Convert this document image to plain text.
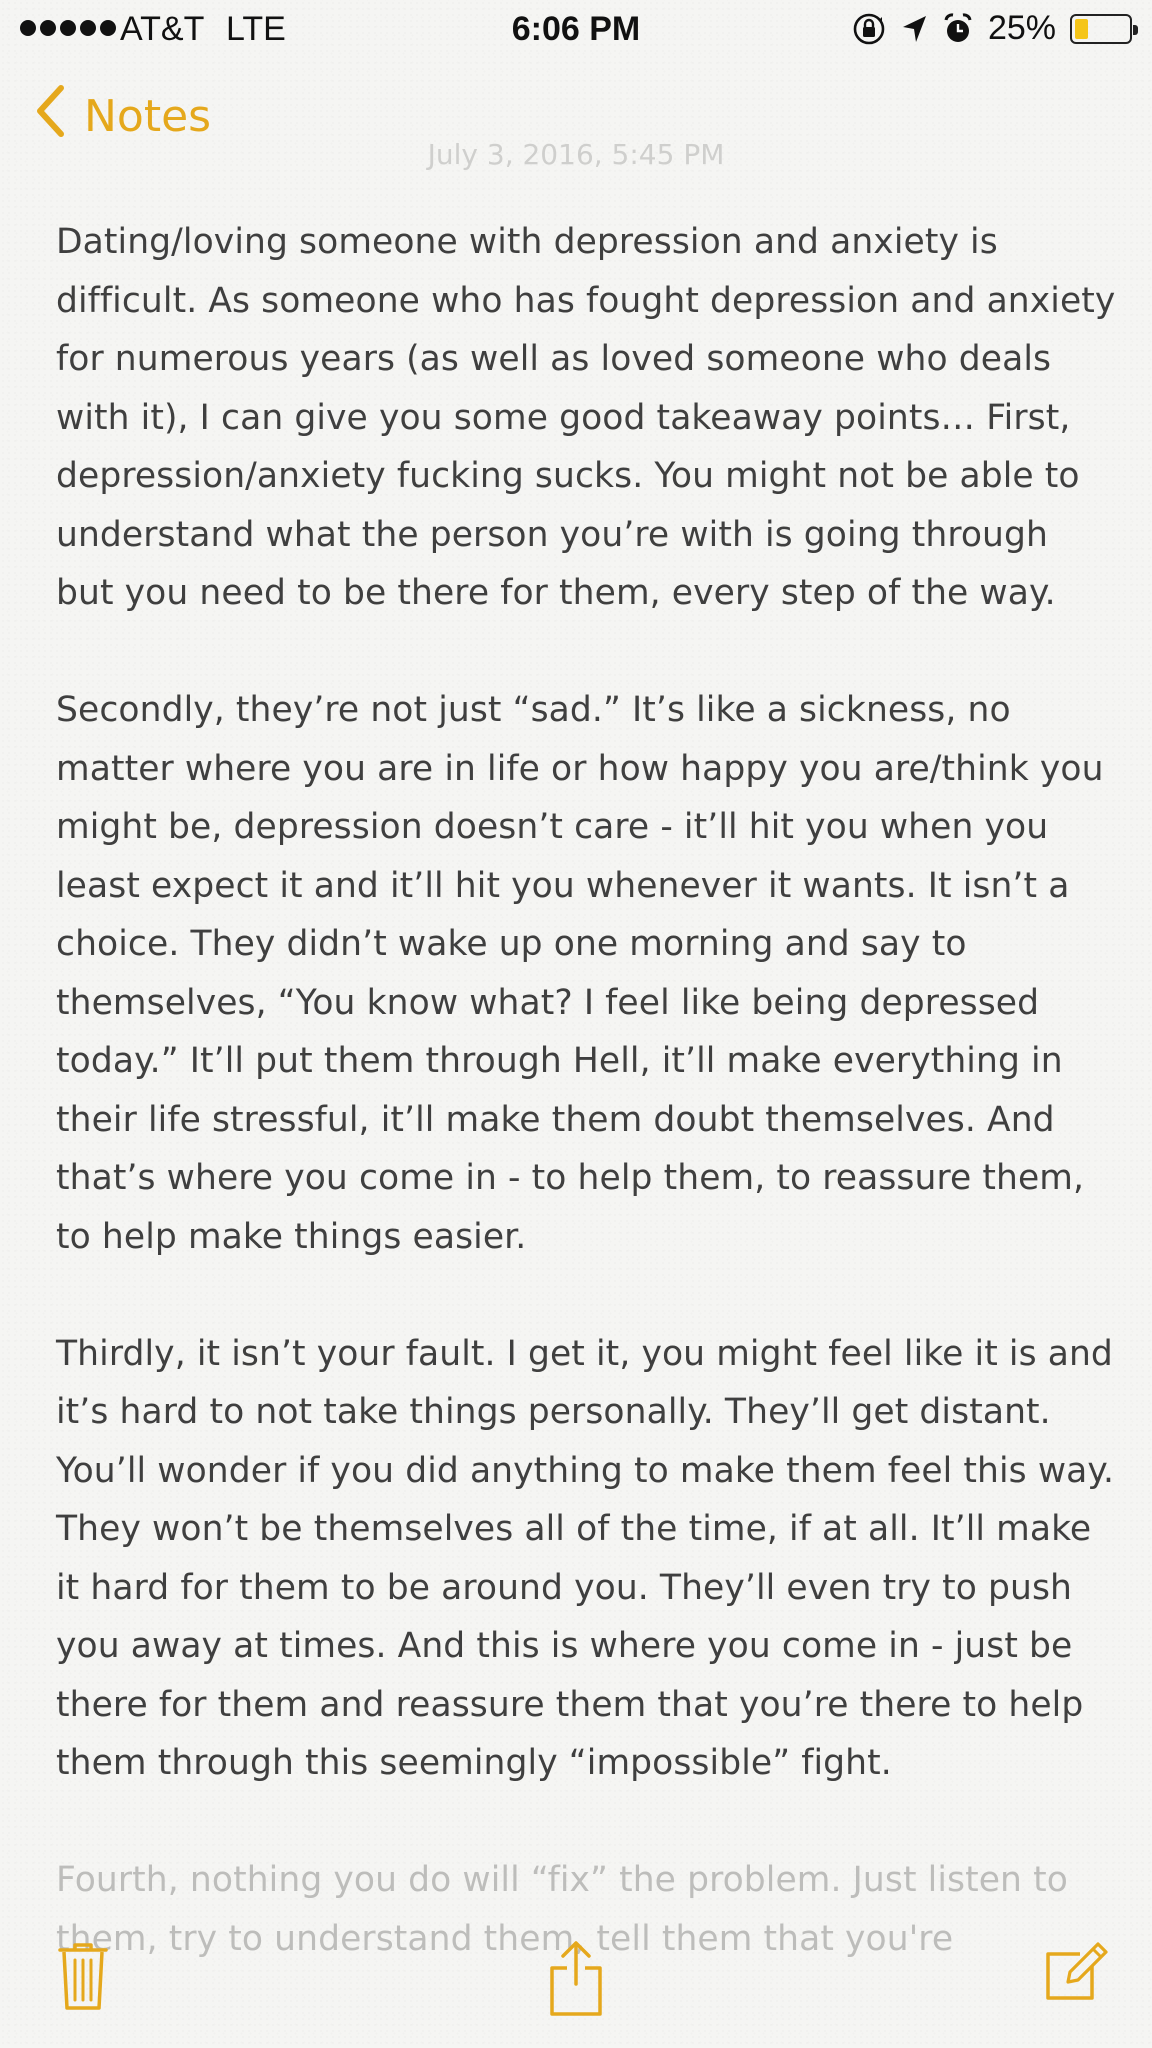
AT&T LTE	6:06 PM	25%
Notes
July 3, 2016, 5:45 PM

Dating/loving someone with depression and anxiety is difficult. As someone who has fought depression and anxiety for numerous years (as well as loved someone who deals with it), I can give you some good takeaway points… First, depression/anxiety fucking sucks. You might not be able to understand what the person you’re with is going through but you need to be there for them, every step of the way.

Secondly, they’re not just “sad.” It’s like a sickness, no matter where you are in life or how happy you are/think you might be, depression doesn’t care - it’ll hit you when you least expect it and it’ll hit you whenever it wants. It isn’t a choice. They didn’t wake up one morning and say to themselves, “You know what? I feel like being depressed today.” It’ll put them through Hell, it’ll make everything in their life stressful, it’ll make them doubt themselves. And that’s where you come in - to help them, to reassure them, to help make things easier.

Thirdly, it isn’t your fault. I get it, you might feel like it is and it’s hard to not take things personally. They’ll get distant. You’ll wonder if you did anything to make them feel this way. They won’t be themselves all of the time, if at all. It’ll make it hard for them to be around you. They’ll even try to push you away at times. And this is where you come in - just be there for them and reassure them that you’re there to help them through this seemingly “impossible” fight.

Fourth, nothing you do will “fix” the problem. Just listen to them, try to understand them, tell them that you're
